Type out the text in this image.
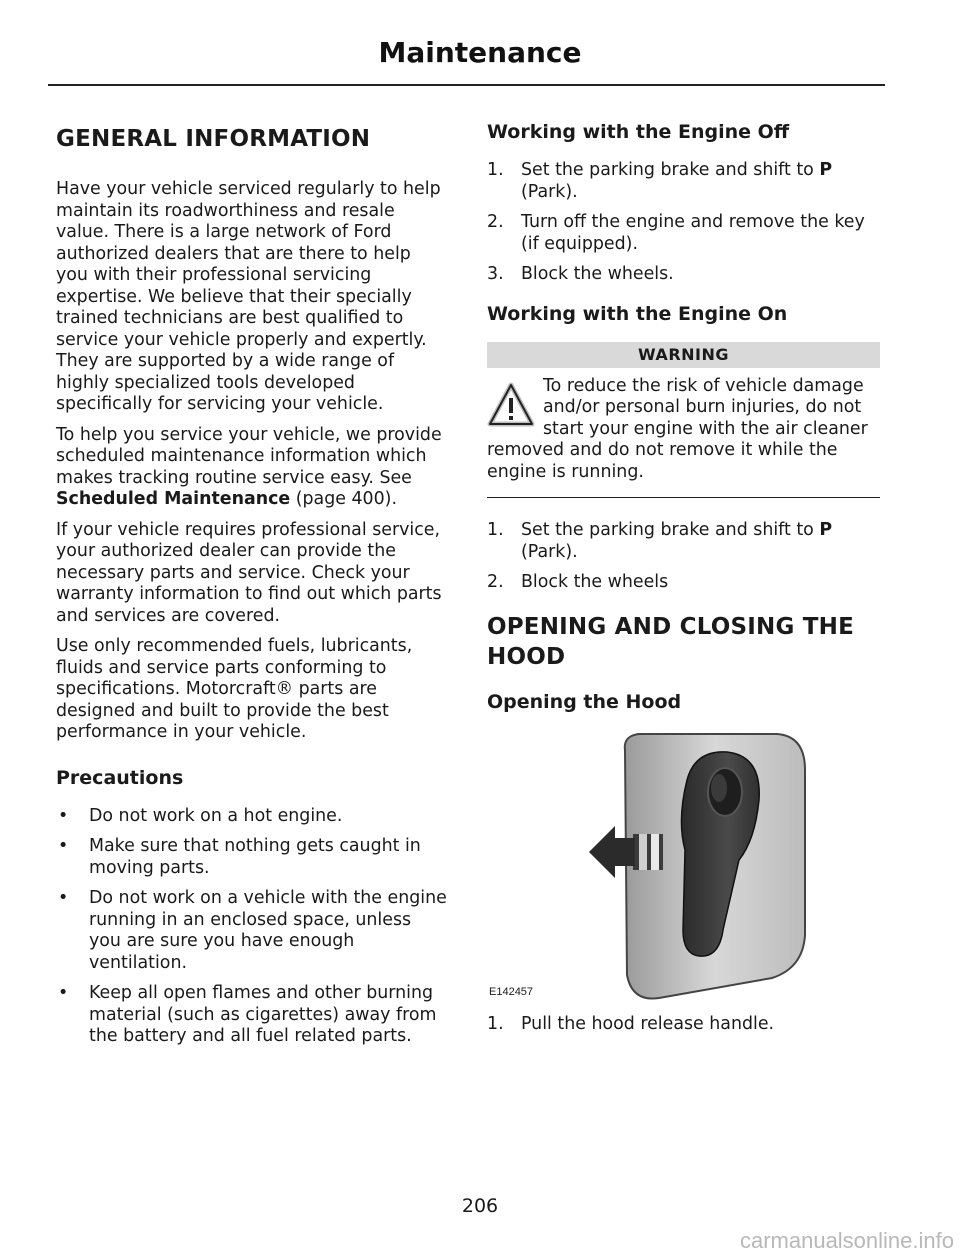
Maintenance
GENERAL INFORMATION

Have your vehicle serviced regularly to help maintain its roadworthiness and resale value. There is a large network of Ford authorized dealers that are there to help you with their professional servicing expertise. We believe that their specially trained technicians are best qualified to service your vehicle properly and expertly. They are supported by a wide range of highly specialized tools developed specifically for servicing your vehicle.

To help you service your vehicle, we provide scheduled maintenance information which makes tracking routine service easy. See Scheduled Maintenance (page 400).

If your vehicle requires professional service, your authorized dealer can provide the necessary parts and service. Check your warranty information to find out which parts and services are covered.

Use only recommended fuels, lubricants, fluids and service parts conforming to specifications. Motorcraft® parts are designed and built to provide the best performance in your vehicle.

Precautions
• Do not work on a hot engine.
• Make sure that nothing gets caught in moving parts.
• Do not work on a vehicle with the engine running in an enclosed space, unless you are sure you have enough ventilation.
• Keep all open flames and other burning material (such as cigarettes) away from the battery and all fuel related parts.
Working with the Engine Off
1. Set the parking brake and shift to P (Park).
2. Turn off the engine and remove the key (if equipped).
3. Block the wheels.
Working with the Engine On
WARNING
To reduce the risk of vehicle damage and/or personal burn injuries, do not start your engine with the air cleaner removed and do not remove it while the engine is running.
1. Set the parking brake and shift to P (Park).
2. Block the wheels
OPENING AND CLOSING THE
HOOD
Opening the Hood
E142457
1. Pull the hood release handle.
206
carmanualsonline.info
